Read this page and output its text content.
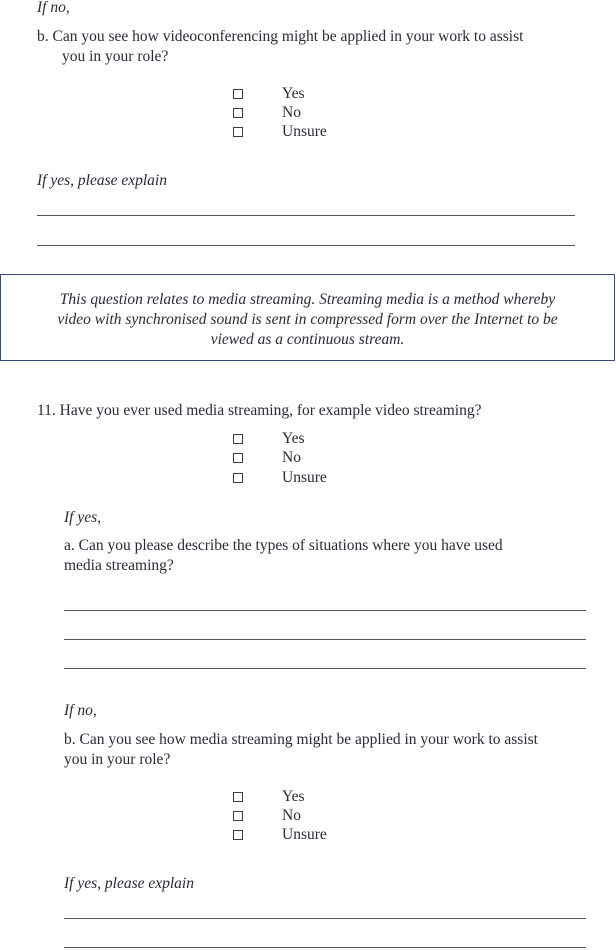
If no,
b. Can you see how videoconferencing might be applied in your work to assist
you in your role?
Yes
No
Unsure
If yes, please explain
This question relates to media streaming. Streaming media is a method whereby
video with synchronised sound is sent in compressed form over the Internet to be
viewed as a continuous stream.
11. Have you ever used media streaming, for example video streaming?
Yes
No
Unsure
If yes,
a. Can you please describe the types of situations where you have used
media streaming?
If no,
b. Can you see how media streaming might be applied in your work to assist
you in your role?
Yes
No
Unsure
If yes, please explain
